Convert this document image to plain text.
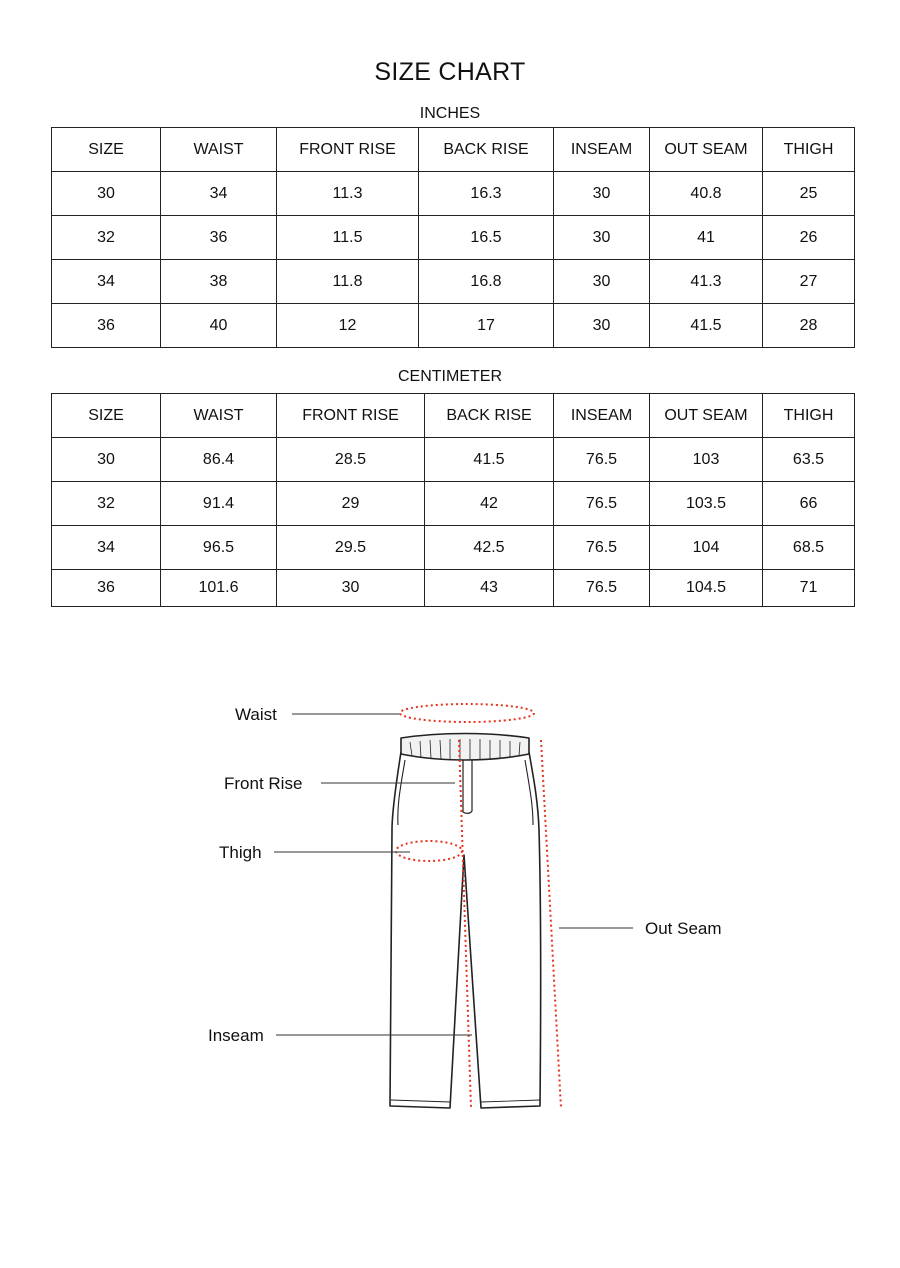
SIZE CHART
INCHES
SIZE	WAIST	FRONT RISE	BACK RISE	INSEAM	OUT SEAM	THIGH
30	34	11.3	16.3	30	40.8	25
32	36	11.5	16.5	30	41	26
34	38	11.8	16.8	30	41.3	27
36	40	12	17	30	41.5	28
CENTIMETER
SIZE	WAIST	FRONT RISE	BACK RISE	INSEAM	OUT SEAM	THIGH
30	86.4	28.5	41.5	76.5	103	63.5
32	91.4	29	42	76.5	103.5	66
34	96.5	29.5	42.5	76.5	104	68.5
36	101.6	30	43	76.5	104.5	71
Waist
Front Rise
Thigh
Out Seam
Inseam
